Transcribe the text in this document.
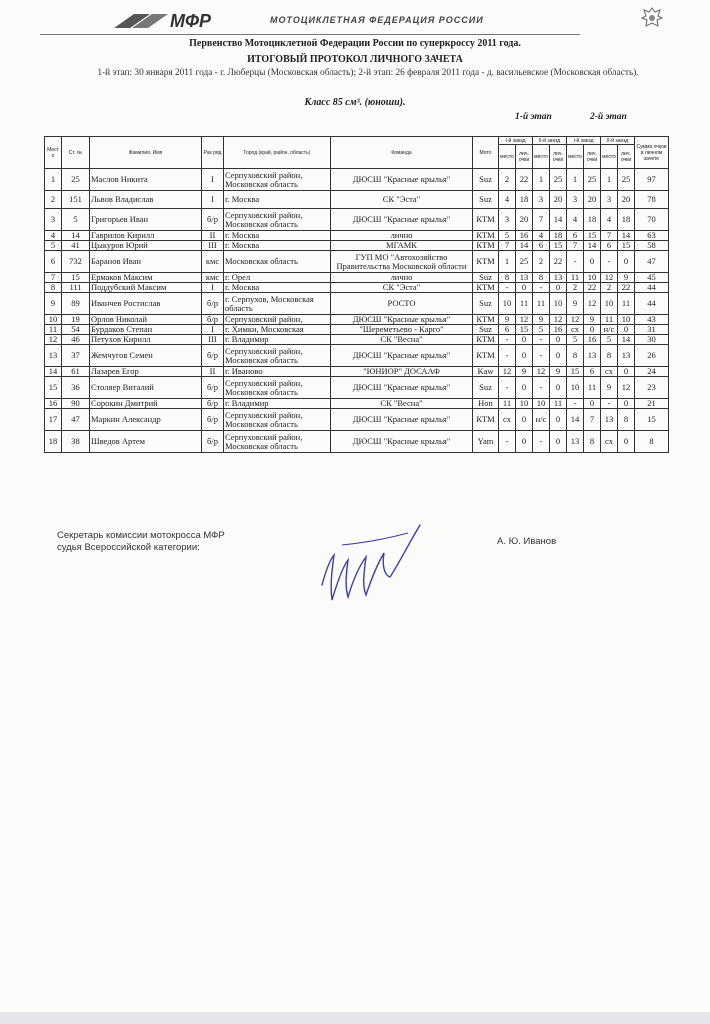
МФР	МОТОЦИКЛЕТНАЯ ФЕДЕРАЦИЯ РОССИИ
Первенство Мотоциклетной Федерации России по суперкроссу 2011 года.
ИТОГОВЫЙ ПРОТОКОЛ ЛИЧНОГО ЗАЧЕТА
1-й этап: 30 января 2011 года - г. Люберцы (Московская область); 2-й этап: 26 февраля 2011 года - д. васильевское (Московская область).
Класс 85 см³. (юноши).
1-й этап	2-й этап
Мест о	Ст. №	Фамилия, Имя	Раз ряд	Город (край, район, область)	Команда	Мото	I-й заезд		II-й заезд		I-й заезд		II-й заезд		Сумма очков в личном зачете
							место	лич. очки	место	лич. очки	место	лич. очки	место	лич. очки	
1	25	Маслов Никита	I	Серпуховский район, Московская область	ДЮСШ "Красные крылья"	Suz	2	22	1	25	1	25	1	25	97
2	151	Львов Владислав	I	г. Москва	СК "Эста"	Suz	4	18	3	20	3	20	3	20	78
3	5	Григорьев Иван	б/р	Серпуховский район, Московская область	ДЮСШ "Красные крылья"	КТМ	3	20	7	14	4	18	4	18	70
4	14	Гаврилов Кирилл	II	г. Москва	лично	КТМ	5	16	4	18	6	15	7	14	63
5	41	Цыкуров Юрий	III	г. Москва	МГАМК	КТМ	7	14	6	15	7	14	6	15	58
6	732	Баранов Иван	кмс	Московская область	ГУП МО "Автохозяйство Правительства Московской области	КТМ	1	25	2	22	-	0	-	0	47
7	15	Ермаков Максим	кмс	г. Орел	лично	Suz	8	13	8	13	11	10	12	9	45
8	111	Поддубский Максим	I	г. Москва	СК "Эста"	КТМ	-	0	-	0	2	22	2	22	44
9	89	Иванчев Ростислав	б/р	г. Серпухов, Московская область	РОСТО	Suz	10	11	11	10	9	12	10	11	44
10	19	Орлов Николай	б/р	Серпуховский район,	ДЮСШ "Красные крылья"	КТМ	9	12	9	12	12	9	11	10	43
11	54	Бурдаков Степан	I	г. Химки, Московская	"Шереметьево - Карго"	Suz	6	15	5	16	сх	0	н/с	0	31
12	46	Петухов Кирилл	III	г. Владимир	СК "Весна"	КТМ	-	0	-	0	5	16	5	14	30
13	37	Жемчугов Семен	б/р	Серпуховский район, Московская область	ДЮСШ "Красные крылья"	КТМ	-	0	-	0	8	13	8	13	26
14	61	Лазарев Егор	II	г. Иваново	"ЮНИОР" ДОСААФ	Kaw	12	9	12	9	15	6	сх	0	24
15	36	Столяер Виталий	б/р	Серпуховский район, Московская область	ДЮСШ "Красные крылья"	Suz	-	0	-	0	10	11	9	12	23
16	90	Сорокин Дмитрий	б/р	г. Владимир	СК "Весна"	Hon	11	10	10	11	-	0	-	0	21
17	47	Маркин Александр	б/р	Серпуховский район, Московская область	ДЮСШ "Красные крылья"	КТМ	сх	0	н/с	0	14	7	13	8	15
18	38	Шведов Артем	б/р	Серпуховский район, Московская область	ДЮСШ "Красные крылья"	Yam	-	0	-	0	13	8	сх	0	8
Секретарь комиссии мотокросса МФР
судья Всероссийской категории:
А. Ю. Иванов
